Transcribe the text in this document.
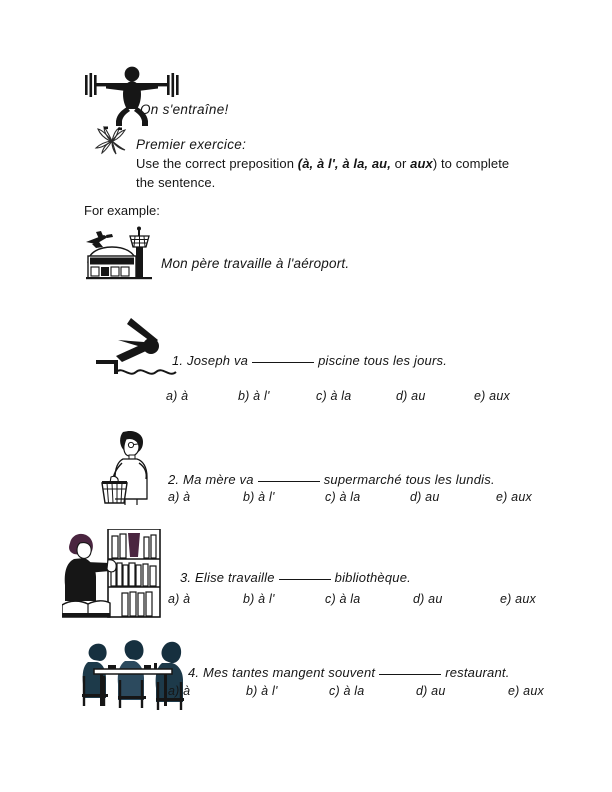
On s'entraîne!
Premier exercice:
Use the correct preposition (à, à l', à la, au, or aux) to complete
the sentence.
For example:
Mon père travaille à l'aéroport.
1. Joseph va	piscine tous les jours.
a) à	b) à l'	c) à la	d) au	e) aux
2. Ma mère va	supermarché tous les lundis.
a) à	b) à l'	c) à la	d) au	e) aux
3. Elise travaille	bibliothèque.
a) à	b) à l'	c) à la	d) au	e) aux
4. Mes tantes mangent souvent	restaurant.
a) à	b) à l'	c) à la	d) au	e) aux
